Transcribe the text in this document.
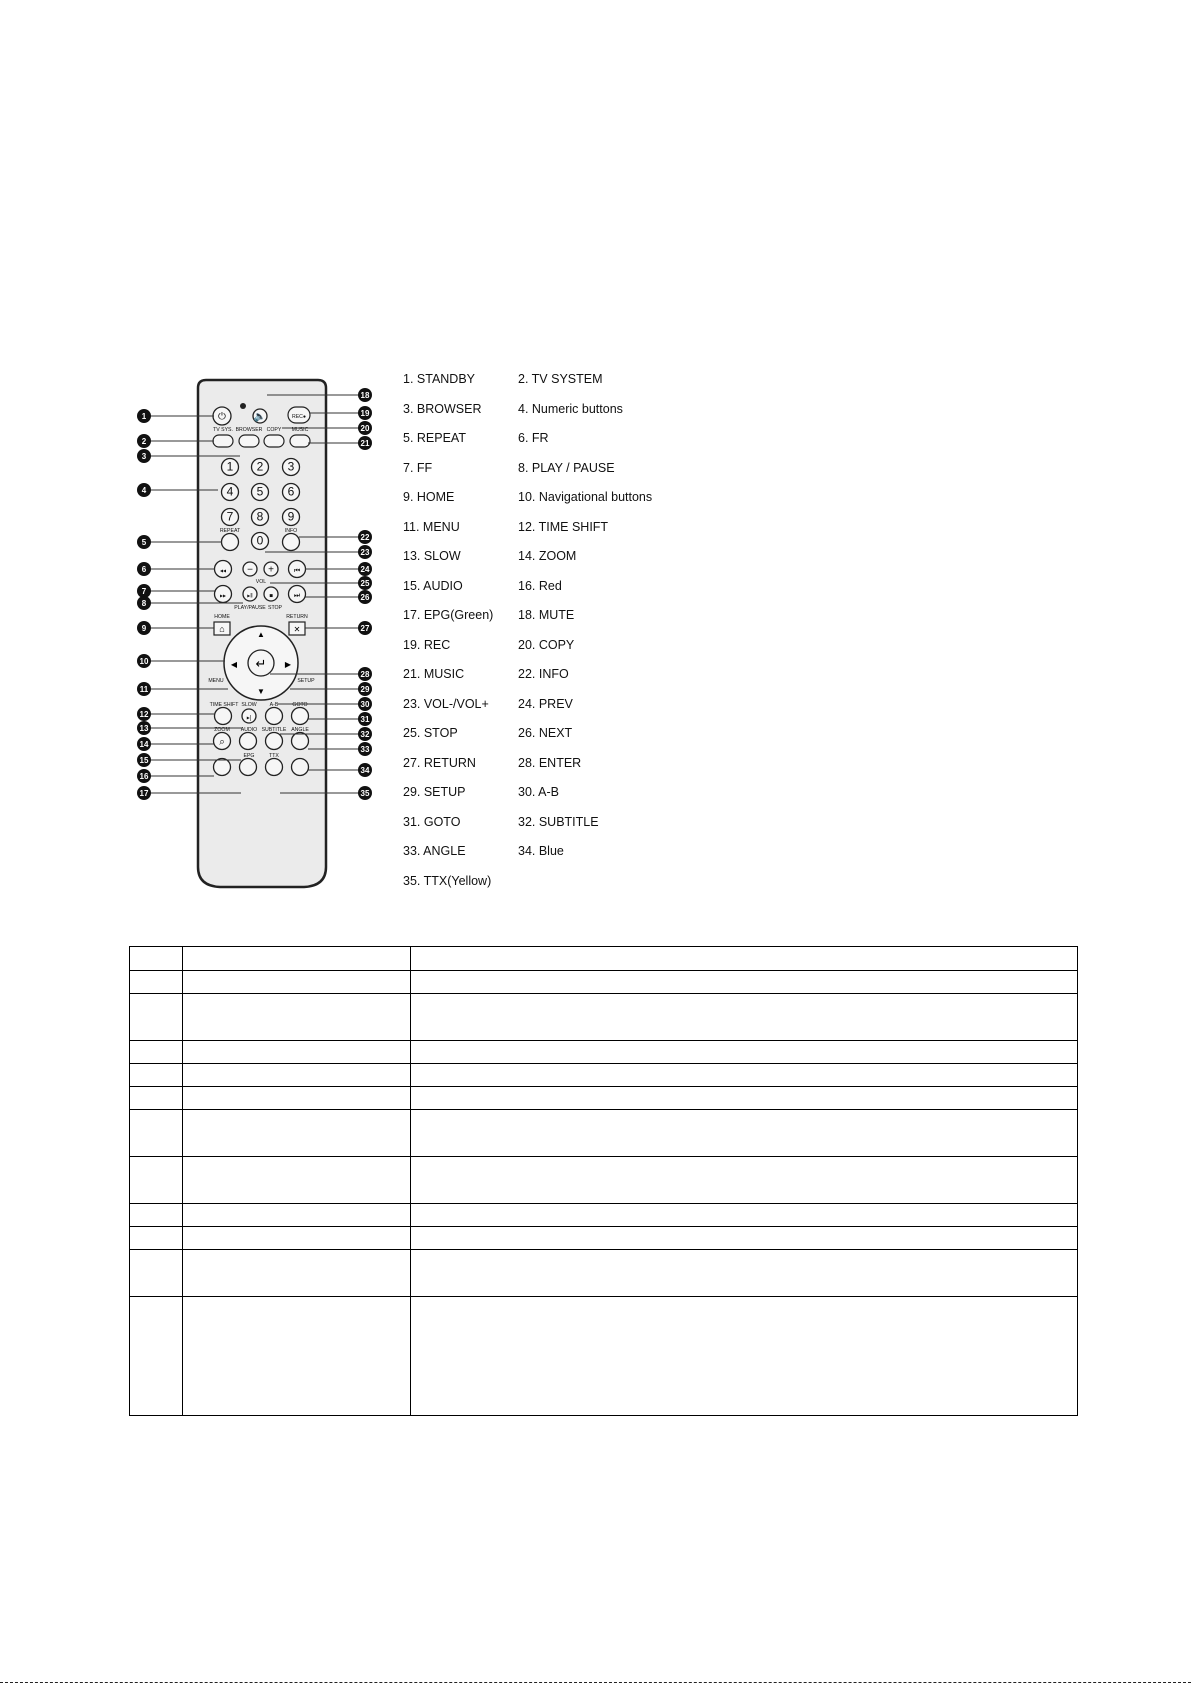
⏻	🔈
1 2 3
4 5 6
7 8 9
0
◂◂ − +	⏮
▸▸	▸‖	■	⏭
⌂	✕
↵
▲
▼
◀	▶
▸|
⌕
REC●
TV SYS. BROWSER COPY MUSIC
REPEAT	INFO
VOL
PLAY/PAUSE STOP
HOME	RETURN
MENU	SETUP
TIME SHIFT SLOW	A-B	GOTO
ZOOM AUDIO SUBTITLE ANGLE
EPG	TTX
1
2
3
4
5
6
7
8
9
10
11
12
13
14
15
16
17
18
19
20
21
22
23
24
25
26
27
28
29
30
31
32
33
34
35
1. STANDBY	2. TV SYSTEM
3. BROWSER	4. Numeric buttons
5. REPEAT	6. FR
7. FF	8. PLAY / PAUSE
9. HOME	10. Navigational buttons
11. MENU	12. TIME SHIFT
13. SLOW	14. ZOOM
15. AUDIO	16. Red
17. EPG(Green) 18. MUTE
19. REC	20. COPY
21. MUSIC	22. INFO
23. VOL-/VOL+ 24. PREV
25. STOP	26. NEXT
27. RETURN	28. ENTER
29. SETUP	30. A-B
31. GOTO	32. SUBTITLE
33. ANGLE	34. Blue
35. TTX(Yellow)
